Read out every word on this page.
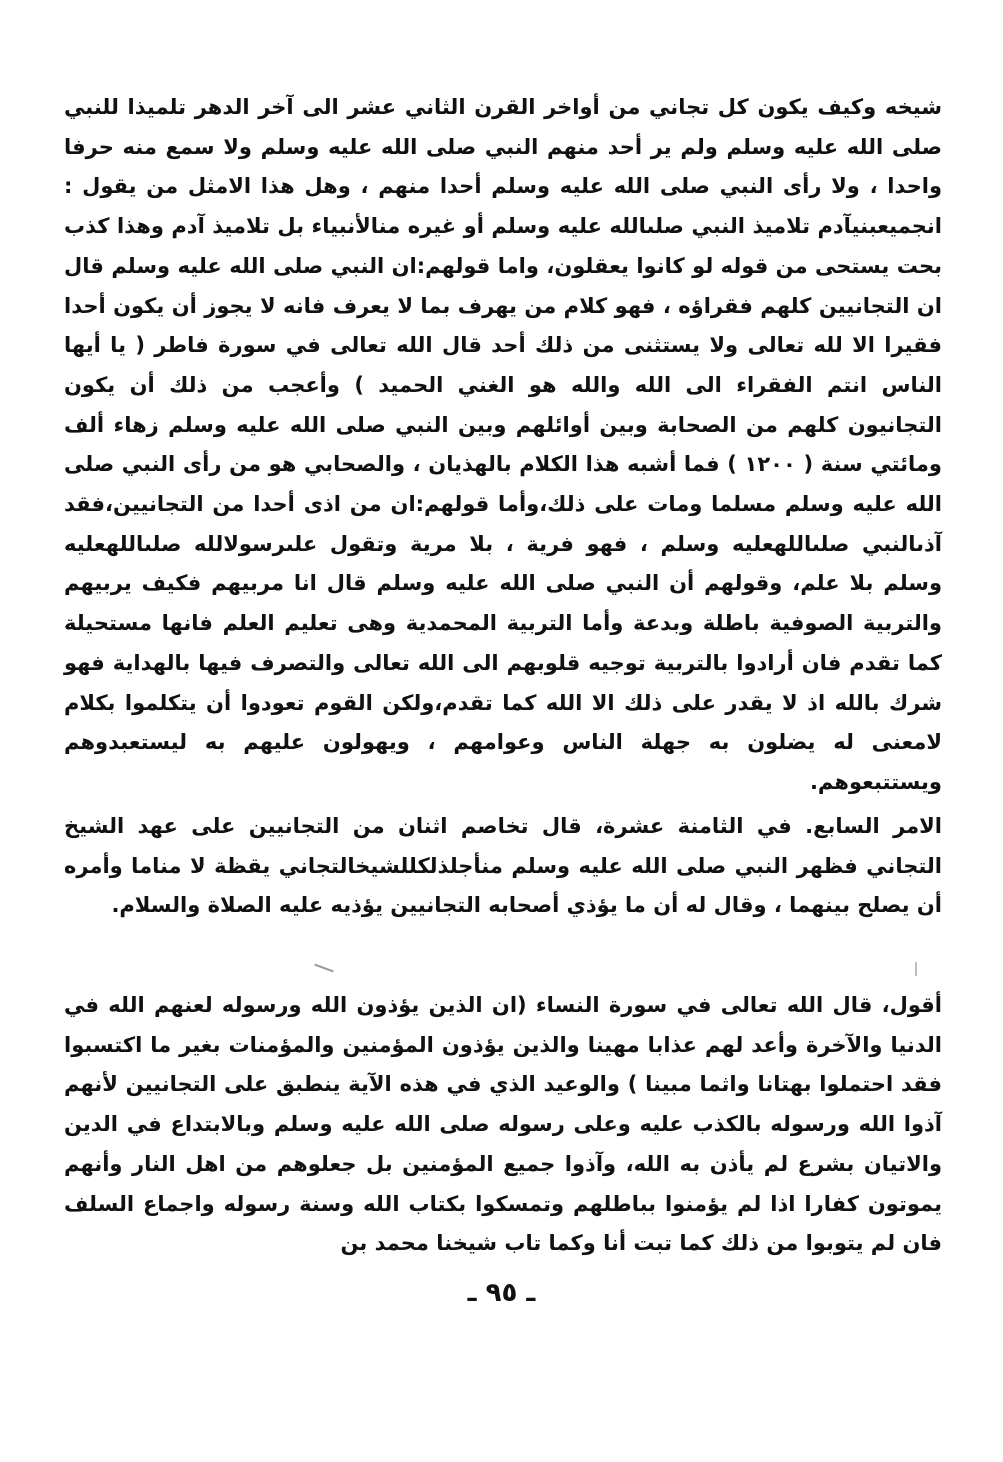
شيخه وكيف يكون كل تجاني من أواخر القرن الثاني عشر الى آخر الدهر تلميذا للنبي صلى الله عليه وسلم ولم ير أحد منهم النبي صلى الله عليه وسلم ولا سمع منه حرفا واحدا ، ولا رأى النبي صلى الله عليه وسلم أحدا منهم ، وهل هذا الامثل من يقول : انجميعبنيآدم تلاميذ النبي صلىالله عليه وسلم أو غيره منالأنبياء بل تلاميذ آدم وهذا كذب بحت يستحى من قوله لو كانوا يعقلون، واما قولهم:ان النبي صلى الله عليه وسلم قال ان التجانيين كلهم فقراؤه ، فهو كلام من يهرف بما لا يعرف فانه لا يجوز أن يكون أحدا فقيرا الا لله تعالى ولا يستثنى من ذلك أحد قال الله تعالى في سورة فاطر ( يا أيها الناس انتم الفقراء الى الله والله هو الغني الحميد ) وأعجب من ذلك أن يكون التجانيون كلهم من الصحابة وبين أوائلهم وبين النبي صلى الله عليه وسلم زهاء ألف ومائتي سنة ( ١٢٠٠ ) فما أشبه هذا الكلام بالهذيان ، والصحابي هو من رأى النبي صلى الله عليه وسلم مسلما ومات على ذلك،وأما قولهم:ان من اذى أحدا من التجانيين،فقد آذىالنبي صلىاللهعليه وسلم ، فهو فرية ، بلا مرية وتقول علىرسولالله صلىاللهعليه وسلم بلا علم، وقولهم أن النبي صلى الله عليه وسلم قال انا مربيهم فكيف يربيهم والتربية الصوفية باطلة وبدعة وأما التربية المحمدية وهى تعليم العلم فانها مستحيلة كما تقدم فان أرادوا بالتربية توجيه قلوبهم الى الله تعالى والتصرف فيها بالهداية فهو شرك بالله اذ لا يقدر على ذلك الا الله كما تقدم،ولكن القوم تعودوا أن يتكلموا بكلام لامعنى له يضلون به جهلة الناس وعوامهم ، ويهولون عليهم به ليستعبدوهم ويستتبعوهم.

الامر السابع. في الثامنة عشرة، قال تخاصم اثنان من التجانيين على عهد الشيخ التجاني فظهر النبي صلى الله عليه وسلم منأجلذلكللشيخالتجاني يقظة لا مناما وأمره أن يصلح بينهما ، وقال له أن ما يؤذي أصحابه التجانيين يؤذيه عليه الصلاة والسلام.

أقول، قال الله تعالى في سورة النساء (ان الذين يؤذون الله ورسوله لعنهم الله في الدنيا والآخرة وأعد لهم عذابا مهينا والذين يؤذون المؤمنين والمؤمنات بغير ما اكتسبوا فقد احتملوا بهتانا واثما مبينا ) والوعيد الذي في هذه الآية ينطبق على التجانيين لأنهم آذوا الله ورسوله بالكذب عليه وعلى رسوله صلى الله عليه وسلم وبالابتداع في الدين والاتيان بشرع لم يأذن به الله، وآذوا جميع المؤمنين بل جعلوهم من اهل النار وأنهم يموتون كفارا اذا لم يؤمنوا بباطلهم وتمسكوا بكتاب الله وسنة رسوله واجماع السلف فان لم يتوبوا من ذلك كما تبت أنا وكما تاب شيخنا محمد بن

ـ ٩٥ ـ
